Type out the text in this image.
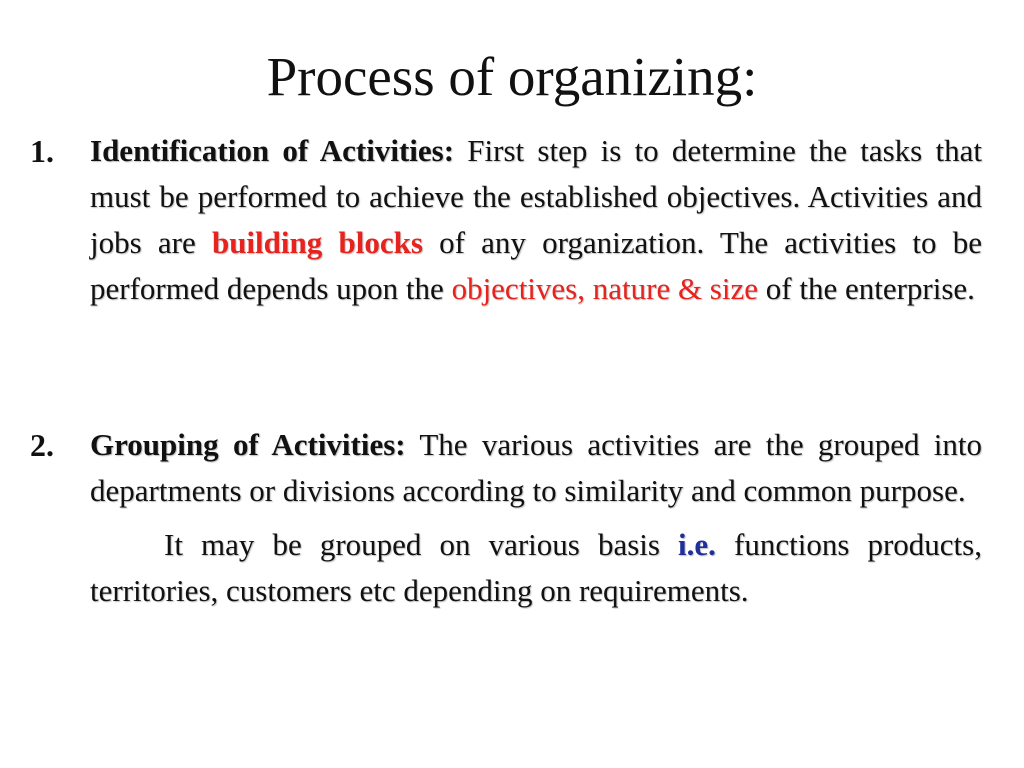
Process of organizing:
1. Identification of Activities: First step is to determine the tasks that must be performed to achieve the established objectives. Activities and jobs are building blocks of any organization. The activities to be performed depends upon the objectives, nature & size of the enterprise.

2. Grouping of Activities: The various activities are the grouped into departments or divisions according to similarity and common purpose.

It may be grouped on various basis i.e. functions products, territories, customers etc depending on requirements.
